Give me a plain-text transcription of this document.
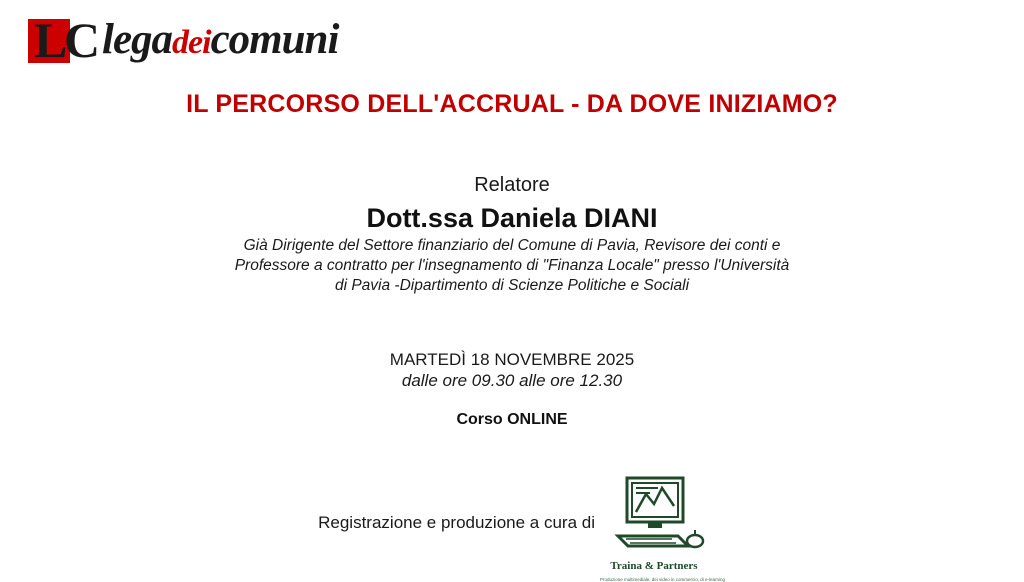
L
C legadeicomuni
IL PERCORSO DELL'ACCRUAL - DA DOVE INIZIAMO?
Relatore
Dott.ssa Daniela DIANI
Già Dirigente del Settore finanziario del Comune di Pavia, Revisore dei conti e
Professore a contratto per l'insegnamento di "Finanza Locale" presso l'Università
di Pavia -Dipartimento di Scienze Politiche e Sociali
MARTEDÌ 18 NOVEMBRE 2025
dalle ore 09.30 alle ore 12.30
Corso ONLINE
Registrazione e produzione a cura di
Traina & Partners
Produzione multimediale, dei video in commercio, di e-learning
